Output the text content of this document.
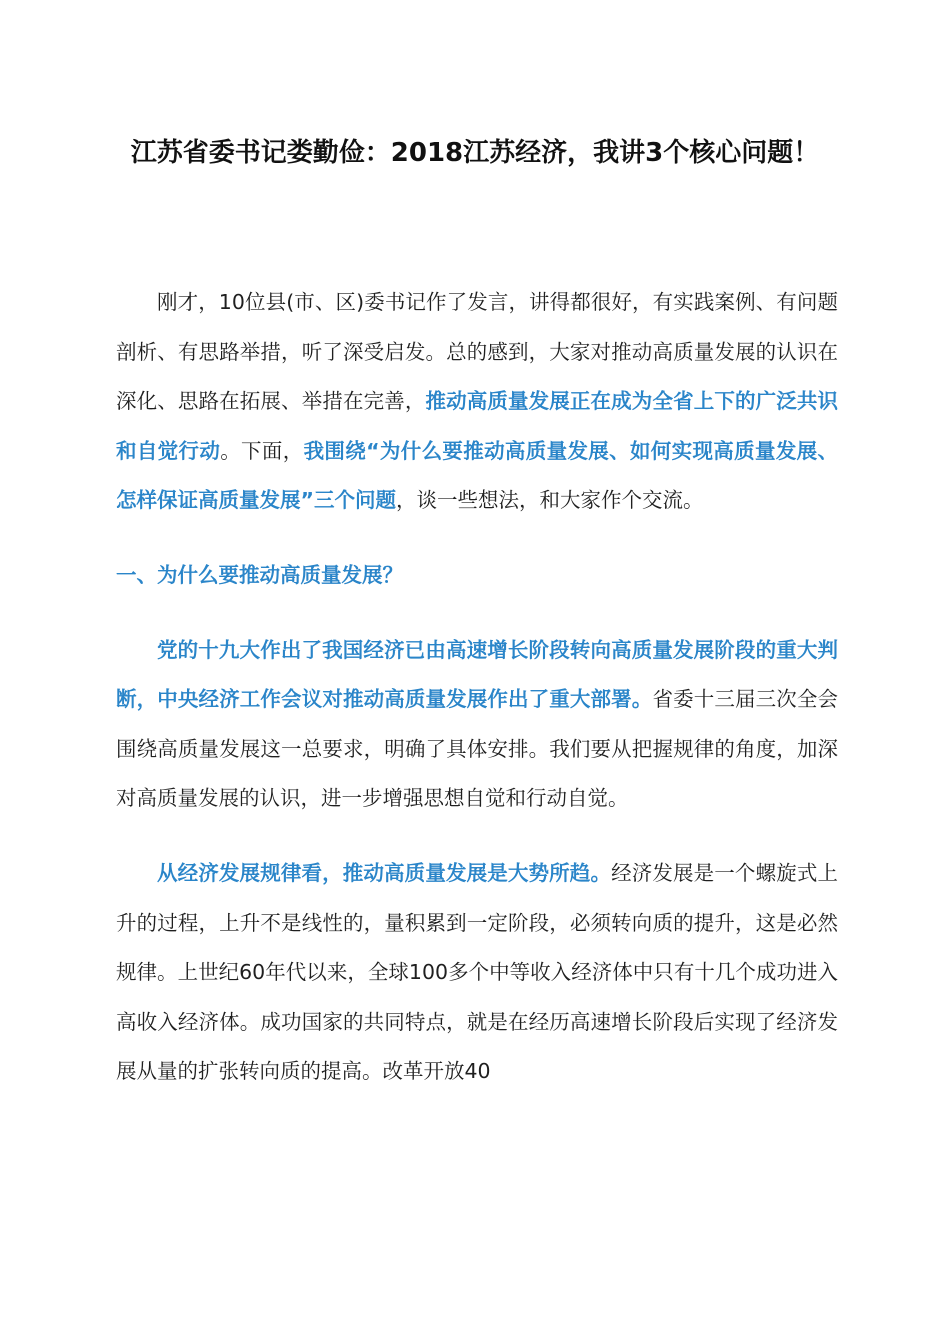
江苏省委书记娄勤俭：2018江苏经济，我讲3个核心问题！

刚才，10位县(市、区)委书记作了发言，讲得都很好，有实践案例、有问题剖析、有思路举措，听了深受启发。总的感到，大家对推动高质量发展的认识在深化、思路在拓展、举措在完善，推动高质量发展正在成为全省上下的广泛共识和自觉行动。下面，我围绕“为什么要推动高质量发展、如何实现高质量发展、怎样保证高质量发展”三个问题，谈一些想法，和大家作个交流。

一、为什么要推动高质量发展？

党的十九大作出了我国经济已由高速增长阶段转向高质量发展阶段的重大判断，中央经济工作会议对推动高质量发展作出了重大部署。省委十三届三次全会围绕高质量发展这一总要求，明确了具体安排。我们要从把握规律的角度，加深对高质量发展的认识，进一步增强思想自觉和行动自觉。

从经济发展规律看，推动高质量发展是大势所趋。经济发展是一个螺旋式上升的过程，上升不是线性的，量积累到一定阶段，必须转向质的提升，这是必然规律。上世纪60年代以来，全球100多个中等收入经济体中只有十几个成功进入高收入经济体。成功国家的共同特点，就是在经历高速增长阶段后实现了经济发展从量的扩张转向质的提高。改革开放40
